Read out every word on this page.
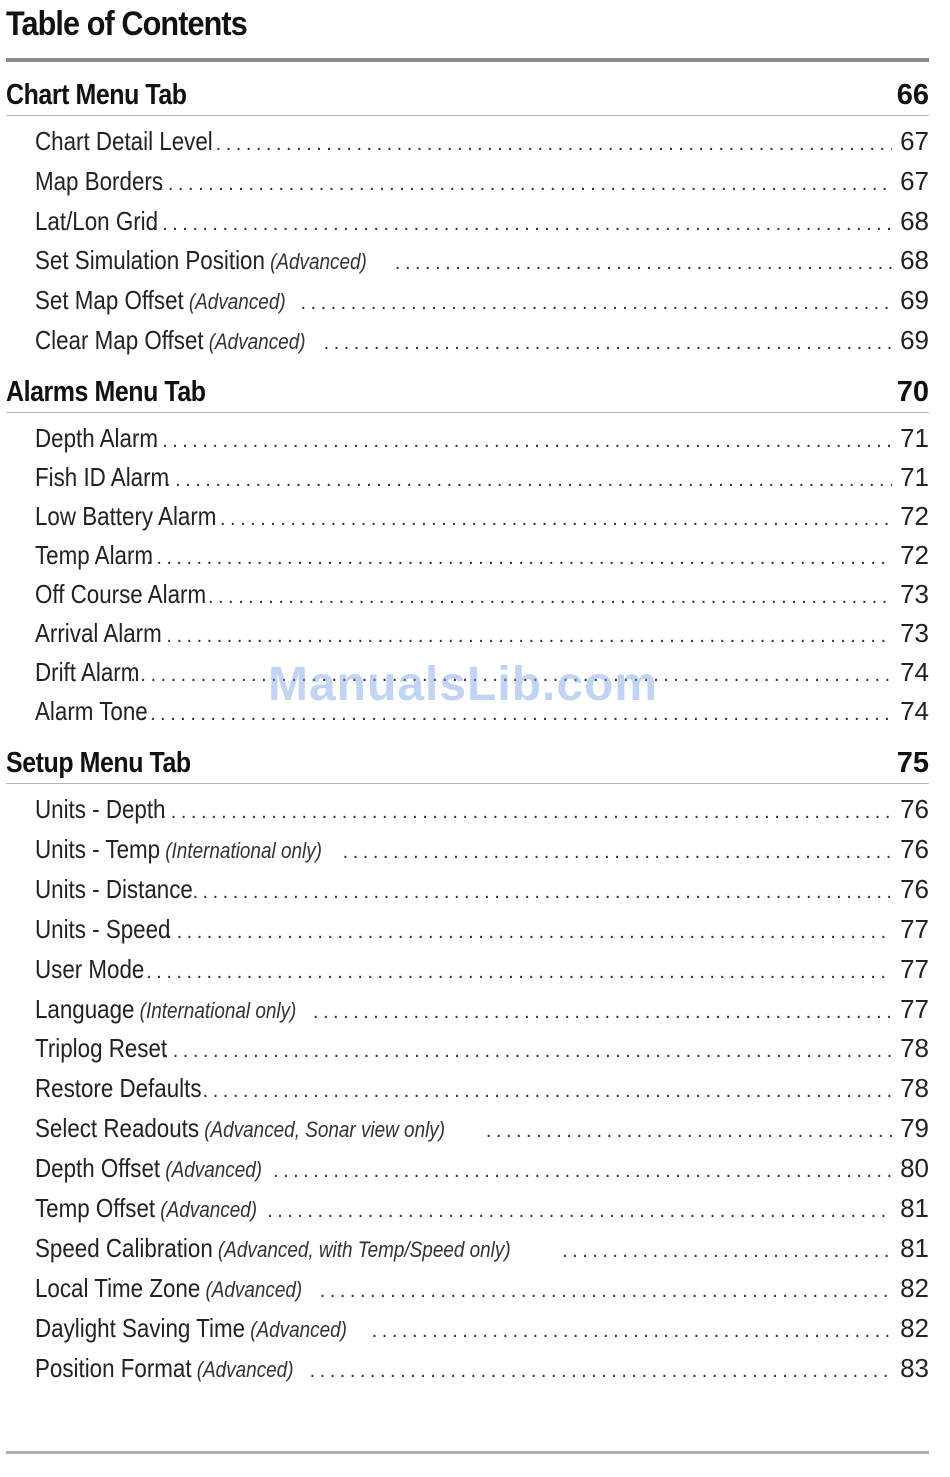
Table of Contents
Chart Menu Tab	66
Chart Detail Level .....	67
Map Borders .....	67
Lat/Lon Grid .....	68
Set Simulation Position (Advanced) .....	68
Set Map Offset (Advanced) .....	69
Clear Map Offset (Advanced) .....	69
Alarms Menu Tab	70
Depth Alarm .....	71
Fish ID Alarm .....	71
Low Battery Alarm .....	72
Temp Alarm .....	72
Off Course Alarm .....	73
Arrival Alarm .....	73
Drift Alarm .....	74
Alarm Tone .....	74
Setup Menu Tab	75
Units - Depth .....	76
Units - Temp (International only) .....	76
Units - Distance .....	76
Units - Speed .....	77
User Mode .....	77
Language (International only) .....	77
Triplog Reset .....	78
Restore Defaults .....	78
Select Readouts (Advanced, Sonar view only) .....	79
Depth Offset (Advanced) .....	80
Temp Offset (Advanced) .....	81
Speed Calibration (Advanced, with Temp/Speed only) .....	81
Local Time Zone (Advanced) .....	82
Daylight Saving Time (Advanced) .....	82
Position Format (Advanced) .....	83
ManualsLib.com
